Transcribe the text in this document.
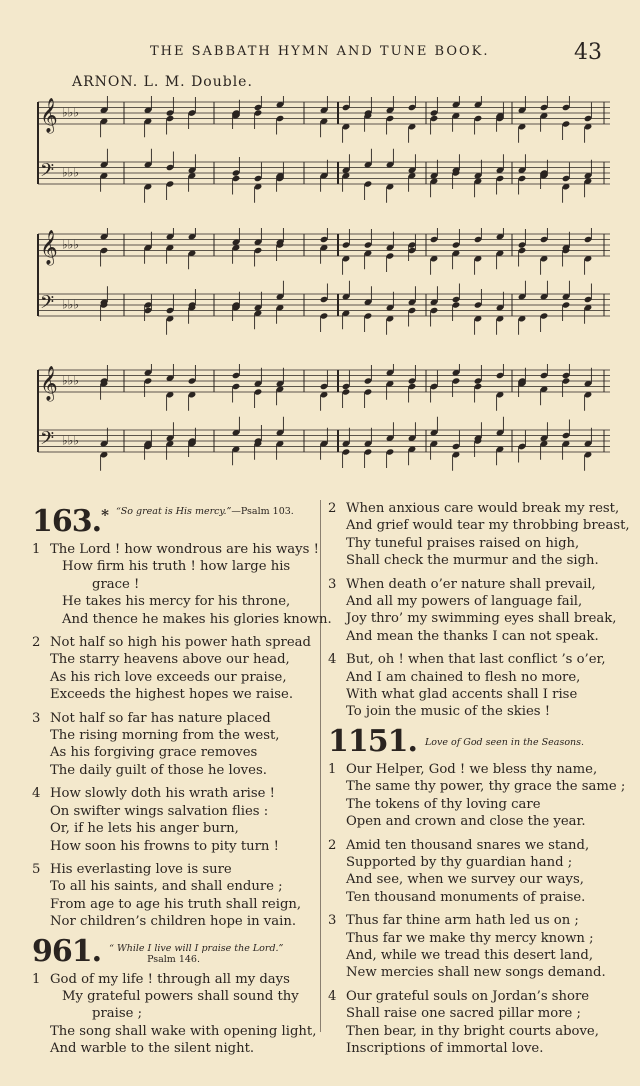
THE SABBATH HYMN AND TUNE BOOK.	43
ARNON. L. M. Double.
𝄞 ♭♭♭
𝄢 ♭♭♭
𝄞 ♭♭♭
𝄢 ♭♭♭
𝄞 ♭♭♭
𝄢 ♭♭♭
163.* “So great is His mercy.”—Psalm 103.
1 The Lord ! how wondrous are his ways !
How firm his truth ! how large his
grace !
He takes his mercy for his throne,
And thence he makes his glories known.
2 Not half so high his power hath spread
The starry heavens above our head,
As his rich love exceeds our praise,
Exceeds the highest hopes we raise.
3 Not half so far has nature placed
The rising morning from the west,
As his forgiving grace removes
The daily guilt of those he loves.
4 How slowly doth his wrath arise !
On swifter wings salvation flies :
Or, if he lets his anger burn,
How soon his frowns to pity turn !
5 His everlasting love is sure
To all his saints, and shall endure ;
From age to age his truth shall reign,
Nor children’s children hope in vain.
961. “ While I live will I praise the Lord.”
Psalm 146.
1 God of my life ! through all my days
My grateful powers shall sound thy
praise ;
The song shall wake with opening light,
And warble to the silent night.
2 When anxious care would break my rest,
And grief would tear my throbbing breast,
Thy tuneful praises raised on high,
Shall check the murmur and the sigh.
3 When death o’er nature shall prevail,
And all my powers of language fail,
Joy thro’ my swimming eyes shall break,
And mean the thanks I can not speak.
4 But, oh ! when that last conflict ’s o’er,
And I am chained to flesh no more,
With what glad accents shall I rise
To join the music of the skies !
1151. Love of God seen in the Seasons.
1 Our Helper, God ! we bless thy name,
The same thy power, thy grace the same ;
The tokens of thy loving care
Open and crown and close the year.
2 Amid ten thousand snares we stand,
Supported by thy guardian hand ;
And see, when we survey our ways,
Ten thousand monuments of praise.
3 Thus far thine arm hath led us on ;
Thus far we make thy mercy known ;
And, while we tread this desert land,
New mercies shall new songs demand.
4 Our grateful souls on Jordan’s shore
Shall raise one sacred pillar more ;
Then bear, in thy bright courts above,
Inscriptions of immortal love.
